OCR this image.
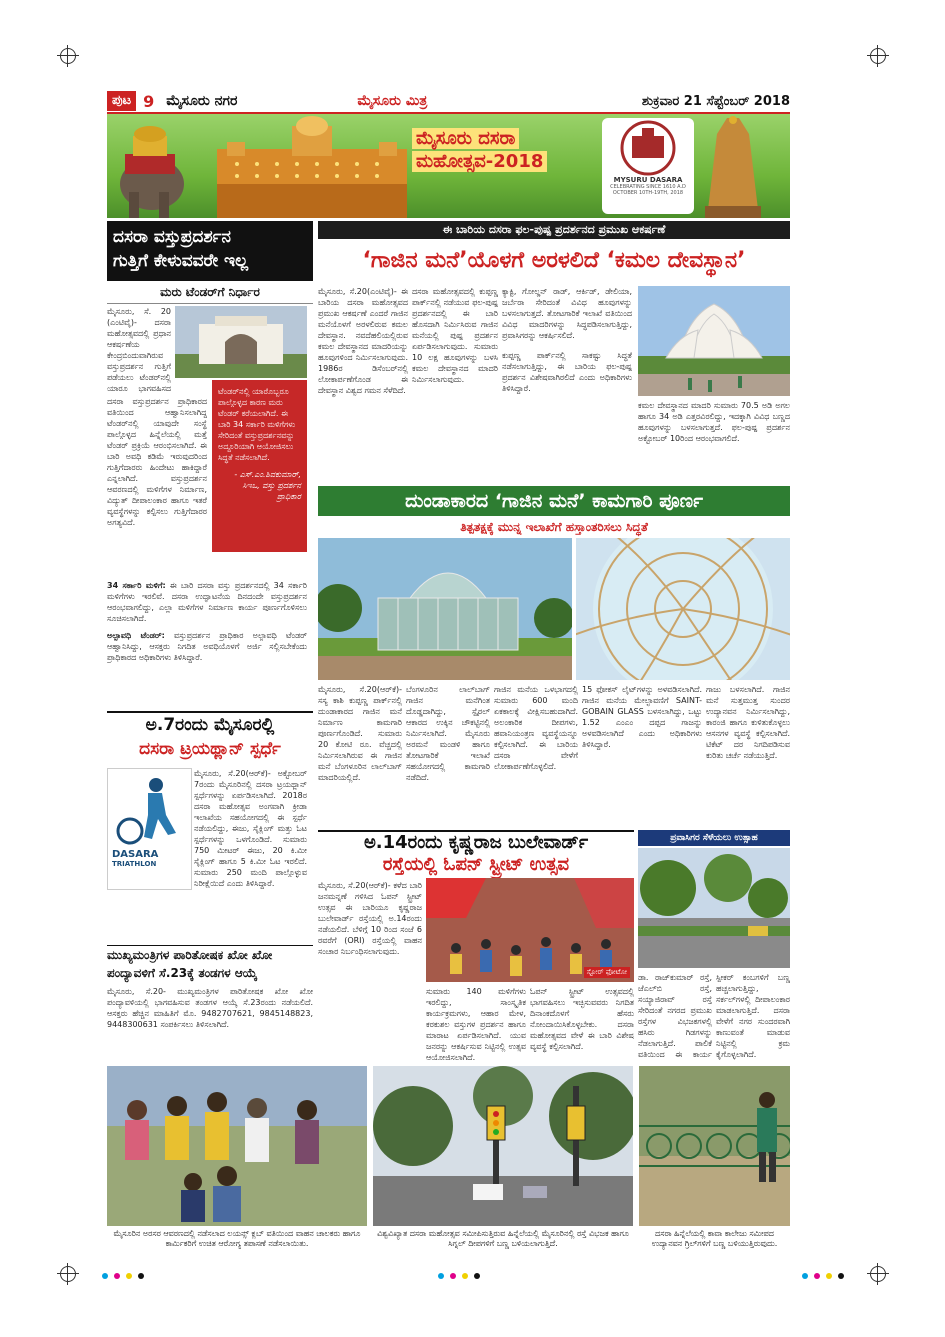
ಪುಟ 9 ಮೈಸೂರು ನಗರ	ಮೈಸೂರು ಮಿತ್ರ	ಶುಕ್ರವಾರ 21 ಸೆಪ್ಟೆಂಬರ್ 2018
ಮೈಸೂರು ದಸರಾ ಮಹೋತ್ಸವ-2018
MYSURU DASARA
CELEBRATING SINCE 1610 A.D
OCTOBER 10TH-19TH, 2018
ದಸರಾ ವಸ್ತುಪ್ರದರ್ಶನ
ಗುತ್ತಿಗೆ ಕೇಳುವವರೇ ಇಲ್ಲ
ಮರು ಟೆಂಡರ್‌ಗೆ ನಿರ್ಧಾರ
ಮೈಸೂರು, ಸೆ. 20 (ಎಂಟಿವೈ)- ದಸರಾ ಮಹೋತ್ಸವದಲ್ಲಿ ಪ್ರಧಾನ ಆಕರ್ಷಣೆಯ ಕೇಂದ್ರಬಿಂದುವಾಗಿರುವ ವಸ್ತುಪ್ರದರ್ಶನ ಗುತ್ತಿಗೆ ಪಡೆಯಲು ಟೆಂಡರ್‌ನಲ್ಲಿ ಯಾರೂ ಭಾಗವಹಿಸದ
ದಸರಾ ವಸ್ತುಪ್ರದರ್ಶನ ಪ್ರಾಧಿಕಾರದ ವತಿಯಿಂದ ಆಹ್ವಾನಿಸಲಾಗಿದ್ದ ಟೆಂಡರ್‌ನಲ್ಲಿ ಯಾವುದೇ ಸಂಸ್ಥೆ ಪಾಲ್ಗೊಳ್ಳದ ಹಿನ್ನೆಲೆಯಲ್ಲಿ ಮತ್ತೆ ಟೆಂಡರ್ ಪ್ರಕ್ರಿಯೆ ಆರಂಭಿಸಲಾಗಿದೆ. ಈ ಬಾರಿ ಅವಧಿ ಕಡಿಮೆ ಇರುವುದರಿಂದ ಗುತ್ತಿಗೆದಾರರು ಹಿಂದೇಟು ಹಾಕಿದ್ದಾರೆ ಎನ್ನಲಾಗಿದೆ. ವಸ್ತುಪ್ರದರ್ಶನ ಆವರಣದಲ್ಲಿ ಮಳಿಗೆಗಳ ನಿರ್ಮಾಣ, ವಿದ್ಯುತ್ ದೀಪಾಲಂಕಾರ ಹಾಗೂ ಇತರೆ ವ್ಯವಸ್ಥೆಗಳನ್ನು ಕಲ್ಪಿಸಲು ಗುತ್ತಿಗೆದಾರರ ಅಗತ್ಯವಿದೆ.
ಟೆಂಡರ್‌ನಲ್ಲಿ ಯಾರೊಬ್ಬರೂ ಪಾಲ್ಗೊಳ್ಳದ ಕಾರಣ ಮರು ಟೆಂಡರ್ ಕರೆಯಲಾಗಿದೆ. ಈ ಬಾರಿ 34 ಸರ್ಕಾರಿ ಮಳಿಗೆಗಳು ಸೇರಿದಂತೆ ವಸ್ತುಪ್ರದರ್ಶನವನ್ನು ಅದ್ದೂರಿಯಾಗಿ ಆಯೋಜಿಸಲು ಸಿದ್ಧತೆ ನಡೆಸಲಾಗಿದೆ.
- ಎಸ್.ಎಂ.ಶಿವಕುಮಾರ್, ಸಿಇಒ, ವಸ್ತು ಪ್ರದರ್ಶನ ಪ್ರಾಧಿಕಾರ
34 ಸರ್ಕಾರಿ ಮಳಿಗೆ: ಈ ಬಾರಿ ದಸರಾ ವಸ್ತು ಪ್ರದರ್ಶನದಲ್ಲಿ 34 ಸರ್ಕಾರಿ ಮಳಿಗೆಗಳು ಇರಲಿವೆ. ದಸರಾ ಉದ್ಘಾಟನೆಯ ದಿನದಂದೇ ವಸ್ತುಪ್ರದರ್ಶನ ಆರಂಭವಾಗಲಿದ್ದು, ಎಲ್ಲಾ ಮಳಿಗೆಗಳ ನಿರ್ಮಾಣ ಕಾರ್ಯ ಪೂರ್ಣಗೊಳಿಸಲು ಸೂಚಿಸಲಾಗಿದೆ.
ಅಲ್ಪಾವಧಿ ಟೆಂಡರ್: ವಸ್ತುಪ್ರದರ್ಶನ ಪ್ರಾಧಿಕಾರ ಅಲ್ಪಾವಧಿ ಟೆಂಡರ್ ಆಹ್ವಾನಿಸಿದ್ದು, ಆಸಕ್ತರು ನಿಗದಿತ ಅವಧಿಯೊಳಗೆ ಅರ್ಜಿ ಸಲ್ಲಿಸಬೇಕೆಂದು ಪ್ರಾಧಿಕಾರದ ಅಧಿಕಾರಿಗಳು ತಿಳಿಸಿದ್ದಾರೆ.
ಅ.7ರಂದು ಮೈಸೂರಲ್ಲಿ
ದಸರಾ ಟ್ರಯಥ್ಲಾನ್ ಸ್ಪರ್ಧೆ
DASARA
TRIATHLON
ಮೈಸೂರು, ಸೆ.20(ಆರ್‌ಕೆ)- ಅಕ್ಟೋಬರ್ 7ರಂದು ಮೈಸೂರಿನಲ್ಲಿ ದಸರಾ ಟ್ರಯಥ್ಲಾನ್ ಸ್ಪರ್ಧೆಗಳನ್ನು ಏರ್ಪಡಿಸಲಾಗಿದೆ. 2018ರ ದಸರಾ ಮಹೋತ್ಸವ ಅಂಗವಾಗಿ ಕ್ರೀಡಾ ಇಲಾಖೆಯ ಸಹಯೋಗದಲ್ಲಿ ಈ ಸ್ಪರ್ಧೆ ನಡೆಯಲಿದ್ದು, ಈಜು, ಸೈಕ್ಲಿಂಗ್ ಮತ್ತು ಓಟ ಸ್ಪರ್ಧೆಗಳನ್ನು ಒಳಗೊಂಡಿದೆ. ಸುಮಾರು 750 ಮೀಟರ್ ಈಜು, 20 ಕಿ.ಮೀ ಸೈಕ್ಲಿಂಗ್ ಹಾಗೂ 5 ಕಿ.ಮೀ ಓಟ ಇರಲಿದೆ. ಸುಮಾರು 250 ಮಂದಿ ಪಾಲ್ಗೊಳ್ಳುವ ನಿರೀಕ್ಷೆಯಿದೆ ಎಂದು ತಿಳಿಸಿದ್ದಾರೆ.
ಮುಖ್ಯಮಂತ್ರಿಗಳ ಪಾರಿತೋಷಕ ಖೋ ಖೋ
ಪಂದ್ಯಾವಳಿಗೆ ಸೆ.23ಕ್ಕೆ ತಂಡಗಳ ಆಯ್ಕೆ
ಮೈಸೂರು, ಸೆ.20- ಮುಖ್ಯಮಂತ್ರಿಗಳ ಪಾರಿತೋಷಕ ಖೋ ಖೋ ಪಂದ್ಯಾವಳಿಯಲ್ಲಿ ಭಾಗವಹಿಸುವ ತಂಡಗಳ ಆಯ್ಕೆ ಸೆ.23ರಂದು ನಡೆಯಲಿದೆ. ಆಸಕ್ತರು ಹೆಚ್ಚಿನ ಮಾಹಿತಿಗೆ ಮೊ. 9482707621, 9845148823, 9448300631 ಸಂಪರ್ಕಿಸಲು ತಿಳಿಸಲಾಗಿದೆ.
ಈ ಬಾರಿಯ ದಸರಾ ಫಲ-ಪುಷ್ಪ ಪ್ರದರ್ಶನದ ಪ್ರಮುಖ ಆಕರ್ಷಣೆ
‘ಗಾಜಿನ ಮನೆ’ಯೊಳಗೆ ಅರಳಲಿದೆ ‘ಕಮಲ ದೇವಸ್ಥಾನ’
ಮೈಸೂರು, ಸೆ.20(ಎಂಟಿವೈ)- ಈ ಬಾರಿಯ ದಸರಾ ಮಹೋತ್ಸವದ ಪ್ರಮುಖ ಆಕರ್ಷಣೆ ಎಂದರೆ ಗಾಜಿನ ಮನೆಯೊಳಗೆ ಅರಳಲಿರುವ ಕಮಲ ದೇವಸ್ಥಾನ. ನವದೆಹಲಿಯಲ್ಲಿರುವ ಕಮಲ ದೇವಸ್ಥಾನದ ಮಾದರಿಯನ್ನು ಹೂವುಗಳಿಂದ ನಿರ್ಮಿಸಲಾಗುವುದು. 1986ರ ಡಿಸೆಂಬರ್‌ನಲ್ಲಿ ಲೋಕಾರ್ಪಣೆಗೊಂಡ ಈ ದೇವಸ್ಥಾನ ವಿಶ್ವದ ಗಮನ ಸೆಳೆದಿದೆ.
ದಸರಾ ಮಹೋತ್ಸವದಲ್ಲಿ ಕುಪ್ಪಣ್ಣ ಪಾರ್ಕ್‌ನಲ್ಲಿ ನಡೆಯುವ ಫಲ-ಪುಷ್ಪ ಪ್ರದರ್ಶನದಲ್ಲಿ ಈ ಬಾರಿ ಹೊಸದಾಗಿ ನಿರ್ಮಿಸಿರುವ ಗಾಜಿನ ಮನೆಯಲ್ಲಿ ಪುಷ್ಪ ಪ್ರದರ್ಶನ ಏರ್ಪಡಿಸಲಾಗುವುದು. ಸುಮಾರು 10 ಲಕ್ಷ ಹೂವುಗಳನ್ನು ಬಳಸಿ ಕಮಲ ದೇವಸ್ಥಾನದ ಮಾದರಿ ನಿರ್ಮಿಸಲಾಗುವುದು.
ಕ್ಯಾಕ್ಟಿ, ಗೋಲ್ಡನ್ ರಾಡ್, ಆರ್ಕಿಡ್, ಡೇಲಿಯಾ, ಜರ್ಬೆರಾ ಸೇರಿದಂತೆ ವಿವಿಧ ಹೂವುಗಳನ್ನು ಬಳಸಲಾಗುತ್ತದೆ. ತೋಟಗಾರಿಕೆ ಇಲಾಖೆ ವತಿಯಿಂದ ವಿವಿಧ ಮಾದರಿಗಳನ್ನು ಸಿದ್ಧಪಡಿಸಲಾಗುತ್ತಿದ್ದು, ಪ್ರವಾಸಿಗರನ್ನು ಆಕರ್ಷಿಸಲಿದೆ.
ಕುಪ್ಪಣ್ಣ ಪಾರ್ಕ್‌ನಲ್ಲಿ ಸಾಕಷ್ಟು ಸಿದ್ಧತೆ ನಡೆಸಲಾಗುತ್ತಿದ್ದು, ಈ ಬಾರಿಯ ಫಲ-ಪುಷ್ಪ ಪ್ರದರ್ಶನ ವಿಶೇಷವಾಗಿರಲಿದೆ ಎಂದು ಅಧಿಕಾರಿಗಳು ತಿಳಿಸಿದ್ದಾರೆ.
ಕಮಲ ದೇವಸ್ಥಾನದ ಮಾದರಿ ಸುಮಾರು 70.5 ಅಡಿ ಅಗಲ ಹಾಗೂ 34 ಅಡಿ ಎತ್ತರವಿರಲಿದ್ದು, ಇದಕ್ಕಾಗಿ ವಿವಿಧ ಬಣ್ಣದ ಹೂವುಗಳನ್ನು ಬಳಸಲಾಗುತ್ತದೆ. ಫಲ-ಪುಷ್ಪ ಪ್ರದರ್ಶನ ಅಕ್ಟೋಬರ್ 10ರಿಂದ ಆರಂಭವಾಗಲಿದೆ.
ದುಂಡಾಕಾರದ ‘ಗಾಜಿನ ಮನೆ’ ಕಾಮಗಾರಿ ಪೂರ್ಣ
ತಿತ್ಪತಕ್ಷಕ್ಕೆ ಮುನ್ನ ಇಲಾಖೆಗೆ ಹಸ್ತಾಂತರಿಸಲು ಸಿದ್ಧತೆ
ಮೈಸೂರು, ಸೆ.20(ಆರ್‌ಕೆ)- ಸಸ್ಯ ಕಾಶಿ ಕುಪ್ಪಣ್ಣ ಪಾರ್ಕ್‌ನಲ್ಲಿ ದುಂಡಾಕಾರದ ಗಾಜಿನ ಮನೆ ನಿರ್ಮಾಣ ಕಾಮಗಾರಿ ಪೂರ್ಣಗೊಂಡಿದೆ. ಸುಮಾರು 20 ಕೋಟಿ ರೂ. ವೆಚ್ಚದಲ್ಲಿ ನಿರ್ಮಿಸಲಾಗಿರುವ ಈ ಗಾಜಿನ ಮನೆ ಬೆಂಗಳೂರಿನ ಲಾಲ್‌ಬಾಗ್ ಮಾದರಿಯಲ್ಲಿದೆ.
ಬೆಂಗಳೂರಿನ ಲಾಲ್‌ಬಾಗ್ ಗಾಜಿನ ಮನೆಗಿಂತ ದೊಡ್ಡದಾಗಿದ್ದು, ಸ್ಪೈರಲ್ ಆಕಾರದ ಉಕ್ಕಿನ ಚೌಕಟ್ಟಿನಲ್ಲಿ ನಿರ್ಮಿಸಲಾಗಿದೆ. ಮೈಸೂರು ಅರಮನೆ ಮಂಡಳಿ ಹಾಗೂ ತೋಟಗಾರಿಕೆ ಇಲಾಖೆ ಸಹಯೋಗದಲ್ಲಿ ಕಾಮಗಾರಿ ನಡೆದಿದೆ.
ಗಾಜಿನ ಮನೆಯ ಒಳಭಾಗದಲ್ಲಿ ಸುಮಾರು 600 ಮಂದಿ ಏಕಕಾಲಕ್ಕೆ ವೀಕ್ಷಿಸಬಹುದಾಗಿದೆ. ಅಲಂಕಾರಿಕ ದೀಪಗಳು, ಹವಾನಿಯಂತ್ರಣ ವ್ಯವಸ್ಥೆಯನ್ನೂ ಕಲ್ಪಿಸಲಾಗಿದೆ. ಈ ಬಾರಿಯ ದಸರಾ ವೇಳೆಗೆ ಲೋಕಾರ್ಪಣೆಗೊಳ್ಳಲಿದೆ.
15 ಫೋಕಸ್ ಲೈಟ್‌ಗಳನ್ನು ಅಳವಡಿಸಲಾಗಿದೆ. ಗಾಜಿನ ಮನೆಯ ಮೇಲ್ಛಾವಣಿಗೆ SAINT-GOBAIN GLASS ಬಳಸಲಾಗಿದ್ದು, ಒಟ್ಟು 1.52 ಎಂಎಂ ದಪ್ಪದ ಗಾಜನ್ನು ಅಳವಡಿಸಲಾಗಿದೆ ಎಂದು ಅಧಿಕಾರಿಗಳು ತಿಳಿಸಿದ್ದಾರೆ.
ಗಾಜು ಬಳಸಲಾಗಿದೆ. ಗಾಜಿನ ಮನೆ ಸುತ್ತಮುತ್ತ ಸುಂದರ ಉದ್ಯಾನವನ ನಿರ್ಮಿಸಲಾಗಿದ್ದು, ಕಾರಂಜಿ ಹಾಗೂ ಕುಳಿತುಕೊಳ್ಳಲು ಆಸನಗಳ ವ್ಯವಸ್ಥೆ ಕಲ್ಪಿಸಲಾಗಿದೆ. ಟಿಕೆಟ್ ದರ ನಿಗದಿಪಡಿಸುವ ಕುರಿತು ಚರ್ಚೆ ನಡೆಯುತ್ತಿದೆ.
ಅ.14ರಂದು ಕೃಷ್ಣರಾಜ ಬುಲೇವಾರ್ಡ್
ರಸ್ತೆಯಲ್ಲಿ ಓಪನ್ ಸ್ಟ್ರೀಟ್ ಉತ್ಸವ
ಮೈಸೂರು, ಸೆ.20(ಆರ್‌ಕೆ)- ಕಳೆದ ಬಾರಿ ಜನಮನ್ನಣೆ ಗಳಿಸಿದ ಓಪನ್ ಸ್ಟ್ರೀಟ್ ಉತ್ಸವ ಈ ಬಾರಿಯೂ ಕೃಷ್ಣರಾಜ ಬುಲೇವಾರ್ಡ್ ರಸ್ತೆಯಲ್ಲಿ ಅ.14ರಂದು ನಡೆಯಲಿದೆ. ಬೆಳಿಗ್ಗೆ 10 ರಿಂದ ಸಂಜೆ 6 ರವರೆಗೆ (ORI) ರಸ್ತೆಯಲ್ಲಿ ವಾಹನ ಸಂಚಾರ ನಿರ್ಬಂಧಿಸಲಾಗುವುದು.
ಸ್ಟೋರ್ ಫೋಟೋ
ಸುಮಾರು 140 ಮಳಿಗೆಗಳು ಇರಲಿದ್ದು, ಸಾಂಸ್ಕೃತಿಕ ಕಾರ್ಯಕ್ರಮಗಳು, ಆಹಾರ ಮೇಳ, ಕರಕುಶಲ ವಸ್ತುಗಳ ಪ್ರದರ್ಶನ ಹಾಗೂ ಮಾರಾಟ ಏರ್ಪಡಿಸಲಾಗಿದೆ. ಯುವ ಜನರನ್ನು ಆಕರ್ಷಿಸುವ ನಿಟ್ಟಿನಲ್ಲಿ ಉತ್ಸವ ಆಯೋಜಿಸಲಾಗಿದೆ.
ಓಪನ್ ಸ್ಟ್ರೀಟ್ ಉತ್ಸವದಲ್ಲಿ ಭಾಗವಹಿಸಲು ಇಚ್ಛಿಸುವವರು ನಿಗದಿತ ದಿನಾಂಕದೊಳಗೆ ಹೆಸರು ನೋಂದಾಯಿಸಿಕೊಳ್ಳಬೇಕು. ದಸರಾ ಮಹೋತ್ಸವದ ವೇಳೆ ಈ ಬಾರಿ ವಿಶೇಷ ವ್ಯವಸ್ಥೆ ಕಲ್ಪಿಸಲಾಗಿದೆ.
ಪ್ರವಾಸಿಗರ ಸೆಳೆಯಲು ಉತ್ಸಾಹ
ಡಾ. ರಾಜ್‌ಕುಮಾರ್ ರಸ್ತೆ, ಜೆಎಲ್‌ಬಿ ರಸ್ತೆ, ಸಯ್ಯಾಜಿರಾವ್ ರಸ್ತೆ ಸೇರಿದಂತೆ ನಗರದ ಪ್ರಮುಖ ರಸ್ತೆಗಳ ವಿಭಜಕಗಳಲ್ಲಿ ಹಸಿರು ಗಿಡಗಳನ್ನು ನೆಡಲಾಗುತ್ತಿದೆ. ಪಾಲಿಕೆ ವತಿಯಿಂದ ಈ ಕಾರ್ಯ
ಸ್ಪೀಕರ್ ಕಂಬಗಳಿಗೆ ಬಣ್ಣ ಹಚ್ಚಲಾಗುತ್ತಿದ್ದು, ಸರ್ಕಲ್‌ಗಳಲ್ಲಿ ದೀಪಾಲಂಕಾರ ಮಾಡಲಾಗುತ್ತಿದೆ. ದಸರಾ ವೇಳೆಗೆ ನಗರ ಸುಂದರವಾಗಿ ಕಾಣುವಂತೆ ಮಾಡುವ ನಿಟ್ಟಿನಲ್ಲಿ ಕ್ರಮ ಕೈಗೊಳ್ಳಲಾಗಿದೆ.
ಮೈಸೂರಿನ ಅರಸರ ಆವರಣದಲ್ಲಿ ನಡೆಸಲಾದ ಲಯನ್ಸ್ ಕ್ಲಬ್ ವತಿಯಿಂದ ವಾಹನ ಚಾಲಕರು ಹಾಗೂ ಕಾರ್ಮಿಕರಿಗೆ ಉಚಿತ ಆರೋಗ್ಯ ತಪಾಸಣೆ ನಡೆಸಲಾಯಿತು.
ವಿಶ್ವವಿಖ್ಯಾತ ದಸರಾ ಮಹೋತ್ಸವ ಸಮೀಪಿಸುತ್ತಿರುವ ಹಿನ್ನೆಲೆಯಲ್ಲಿ ಮೈಸೂರಿನಲ್ಲಿ ರಸ್ತೆ ವಿಭಜಕ ಹಾಗೂ ಸಿಗ್ನಲ್ ದೀಪಗಳಿಗೆ ಬಣ್ಣ ಬಳಿಯಲಾಗುತ್ತಿದೆ.
ದಸರಾ ಹಿನ್ನೆಲೆಯಲ್ಲಿ ಕಾವಾ ಕಾಲೇಜು ಸಮೀಪದ ಉದ್ಯಾನವನ ಗ್ರಿಲ್‌ಗಳಿಗೆ ಬಣ್ಣ ಬಳಿಯುತ್ತಿರುವುದು.
